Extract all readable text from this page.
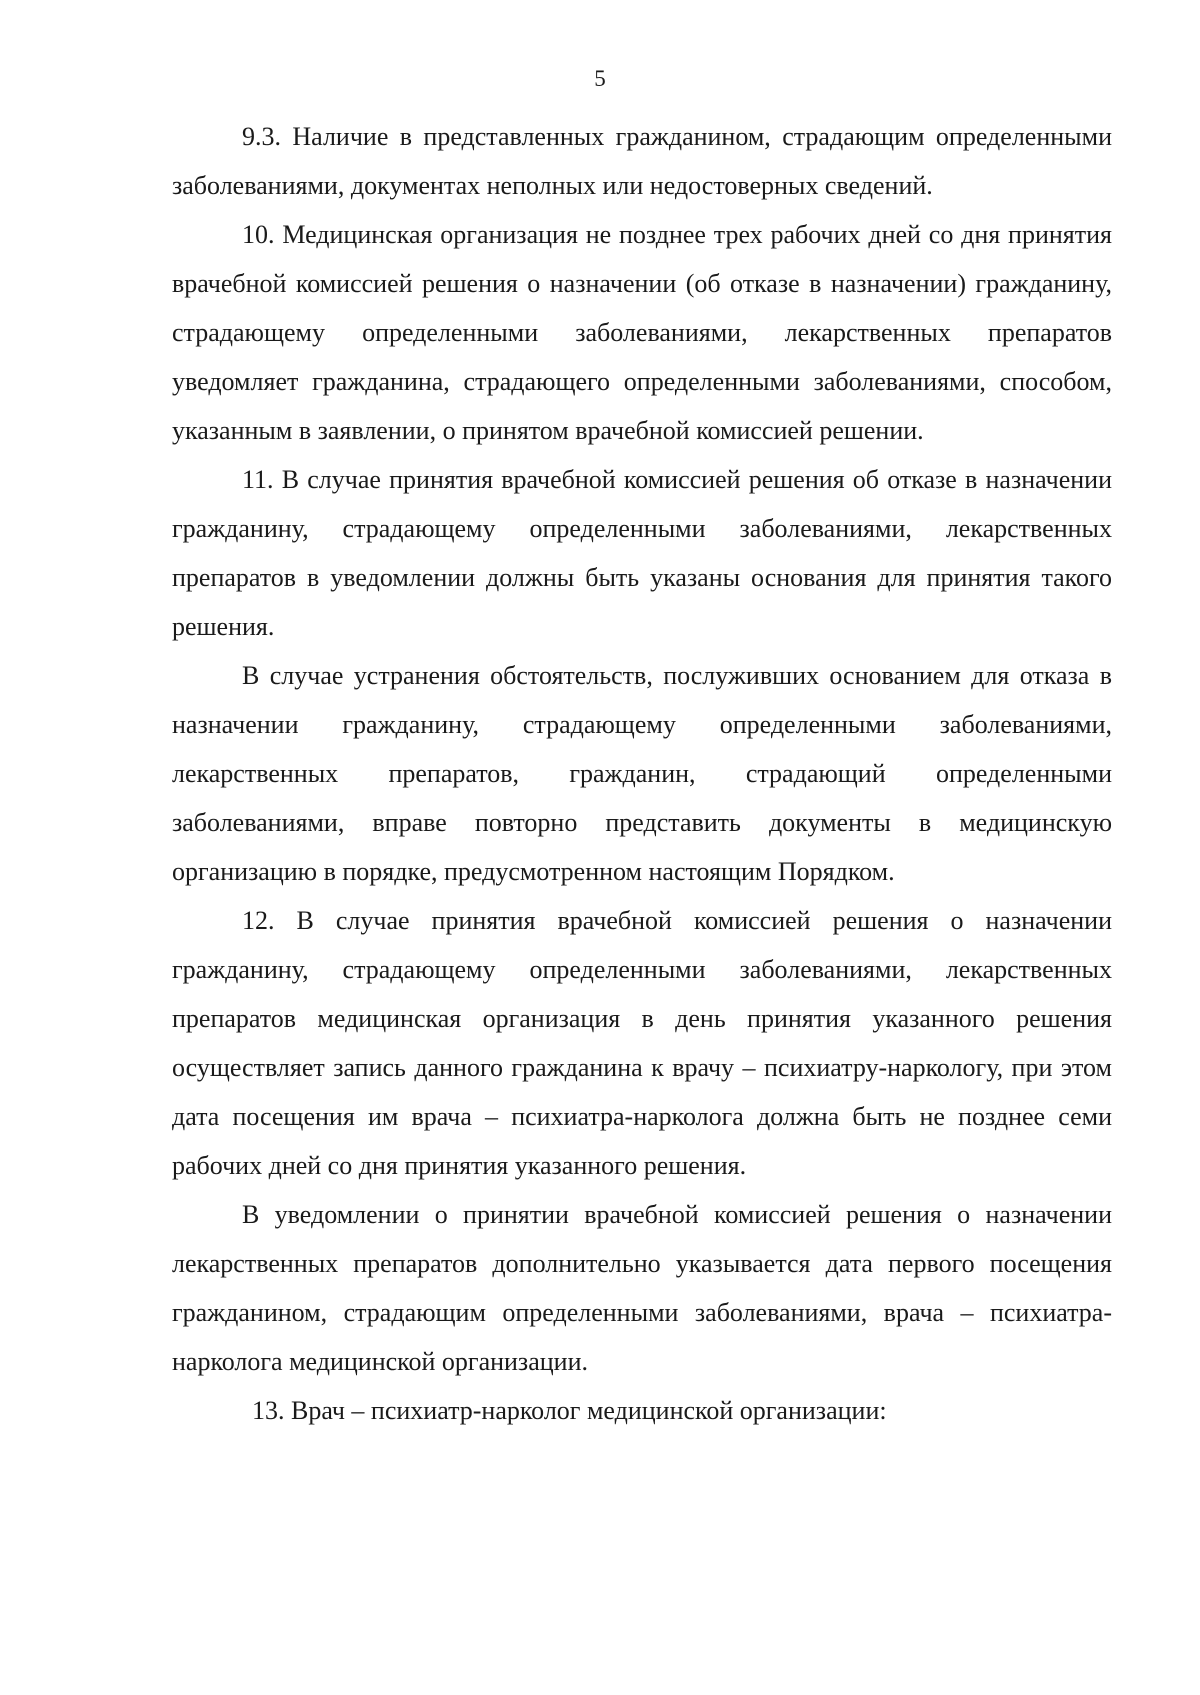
5

9.3. Наличие в представленных гражданином, страдающим определенными заболеваниями, документах неполных или недостоверных сведений.

10. Медицинская организация не позднее трех рабочих дней со дня принятия врачебной комиссией решения о назначении (об отказе в назначении) гражданину, страдающему определенными заболеваниями, лекарственных препаратов уведомляет гражданина, страдающего определенными заболеваниями, способом, указанным в заявлении, о принятом врачебной комиссией решении.

11. В случае принятия врачебной комиссией решения об отказе в назначении гражданину, страдающему определенными заболеваниями, лекарственных препаратов в уведомлении должны быть указаны основания для принятия такого решения.

В случае устранения обстоятельств, послуживших основанием для отказа в назначении гражданину, страдающему определенными заболеваниями, лекарственных препаратов, гражданин, страдающий определенными заболеваниями, вправе повторно представить документы в медицинскую организацию в порядке, предусмотренном настоящим Порядком.

12. В случае принятия врачебной комиссией решения о назначении гражданину, страдающему определенными заболеваниями, лекарственных препаратов медицинская организация в день принятия указанного решения осуществляет запись данного гражданина к врачу – психиатру-наркологу, при этом дата посещения им врача – психиатра-нарколога должна быть не позднее семи рабочих дней со дня принятия указанного решения.

В уведомлении о принятии врачебной комиссией решения о назначении лекарственных препаратов дополнительно указывается дата первого посещения гражданином, страдающим определенными заболеваниями, врача – психиатра-нарколога медицинской организации.

13. Врач – психиатр-нарколог медицинской организации:
